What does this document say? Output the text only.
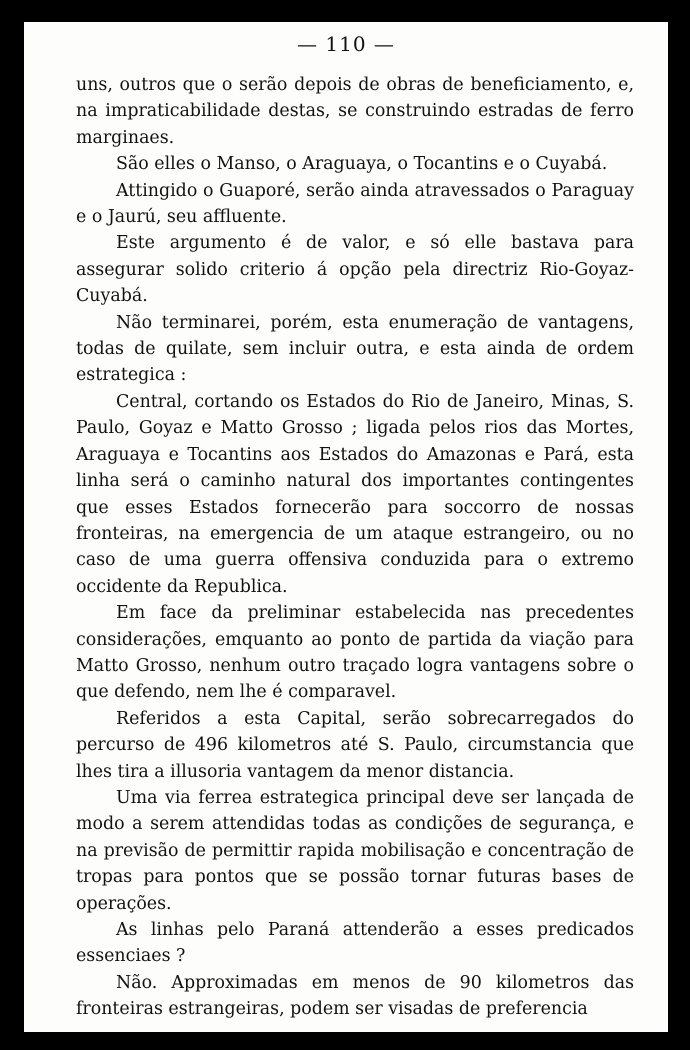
— 110 —

uns, outros que o serão depois de obras de beneficiamento, e, na impraticabilidade destas, se construindo estradas de ferro marginaes.

São elles o Manso, o Araguaya, o Tocantins e o Cuyabá.

Attingido o Guaporé, serão ainda atravessados o Paraguay e o Jaurú, seu affluente.

Este argumento é de valor, e só elle bastava para assegurar solido criterio á opção pela directriz Rio-Goyaz-Cuyabá.

Não terminarei, porém, esta enumeração de vantagens, todas de quilate, sem incluir outra, e esta ainda de ordem estrategica :

Central, cortando os Estados do Rio de Janeiro, Minas, S. Paulo, Goyaz e Matto Grosso ; ligada pelos rios das Mortes, Araguaya e Tocantins aos Estados do Amazonas e Pará, esta linha será o caminho natural dos importantes contingentes que esses Estados fornecerão para soccorro de nossas fronteiras, na emergencia de um ataque estrangeiro, ou no caso de uma guerra offensiva conduzida para o extremo occidente da Republica.

Em face da preliminar estabelecida nas precedentes considerações, emquanto ao ponto de partida da viação para Matto Grosso, nenhum outro traçado logra vantagens sobre o que defendo, nem lhe é comparavel.

Referidos a esta Capital, serão sobrecarregados do percurso de 496 kilometros até S. Paulo, circumstancia que lhes tira a illusoria vantagem da menor distancia.

Uma via ferrea estrategica principal deve ser lançada de modo a serem attendidas todas as condições de segurança, e na previsão de permittir rapida mobilisação e concentração de tropas para pontos que se possão tornar futuras bases de operações.

As linhas pelo Paraná attenderão a esses predicados essenciaes ?

Não. Approximadas em menos de 90 kilometros das fronteiras estrangeiras, podem ser visadas de preferencia
